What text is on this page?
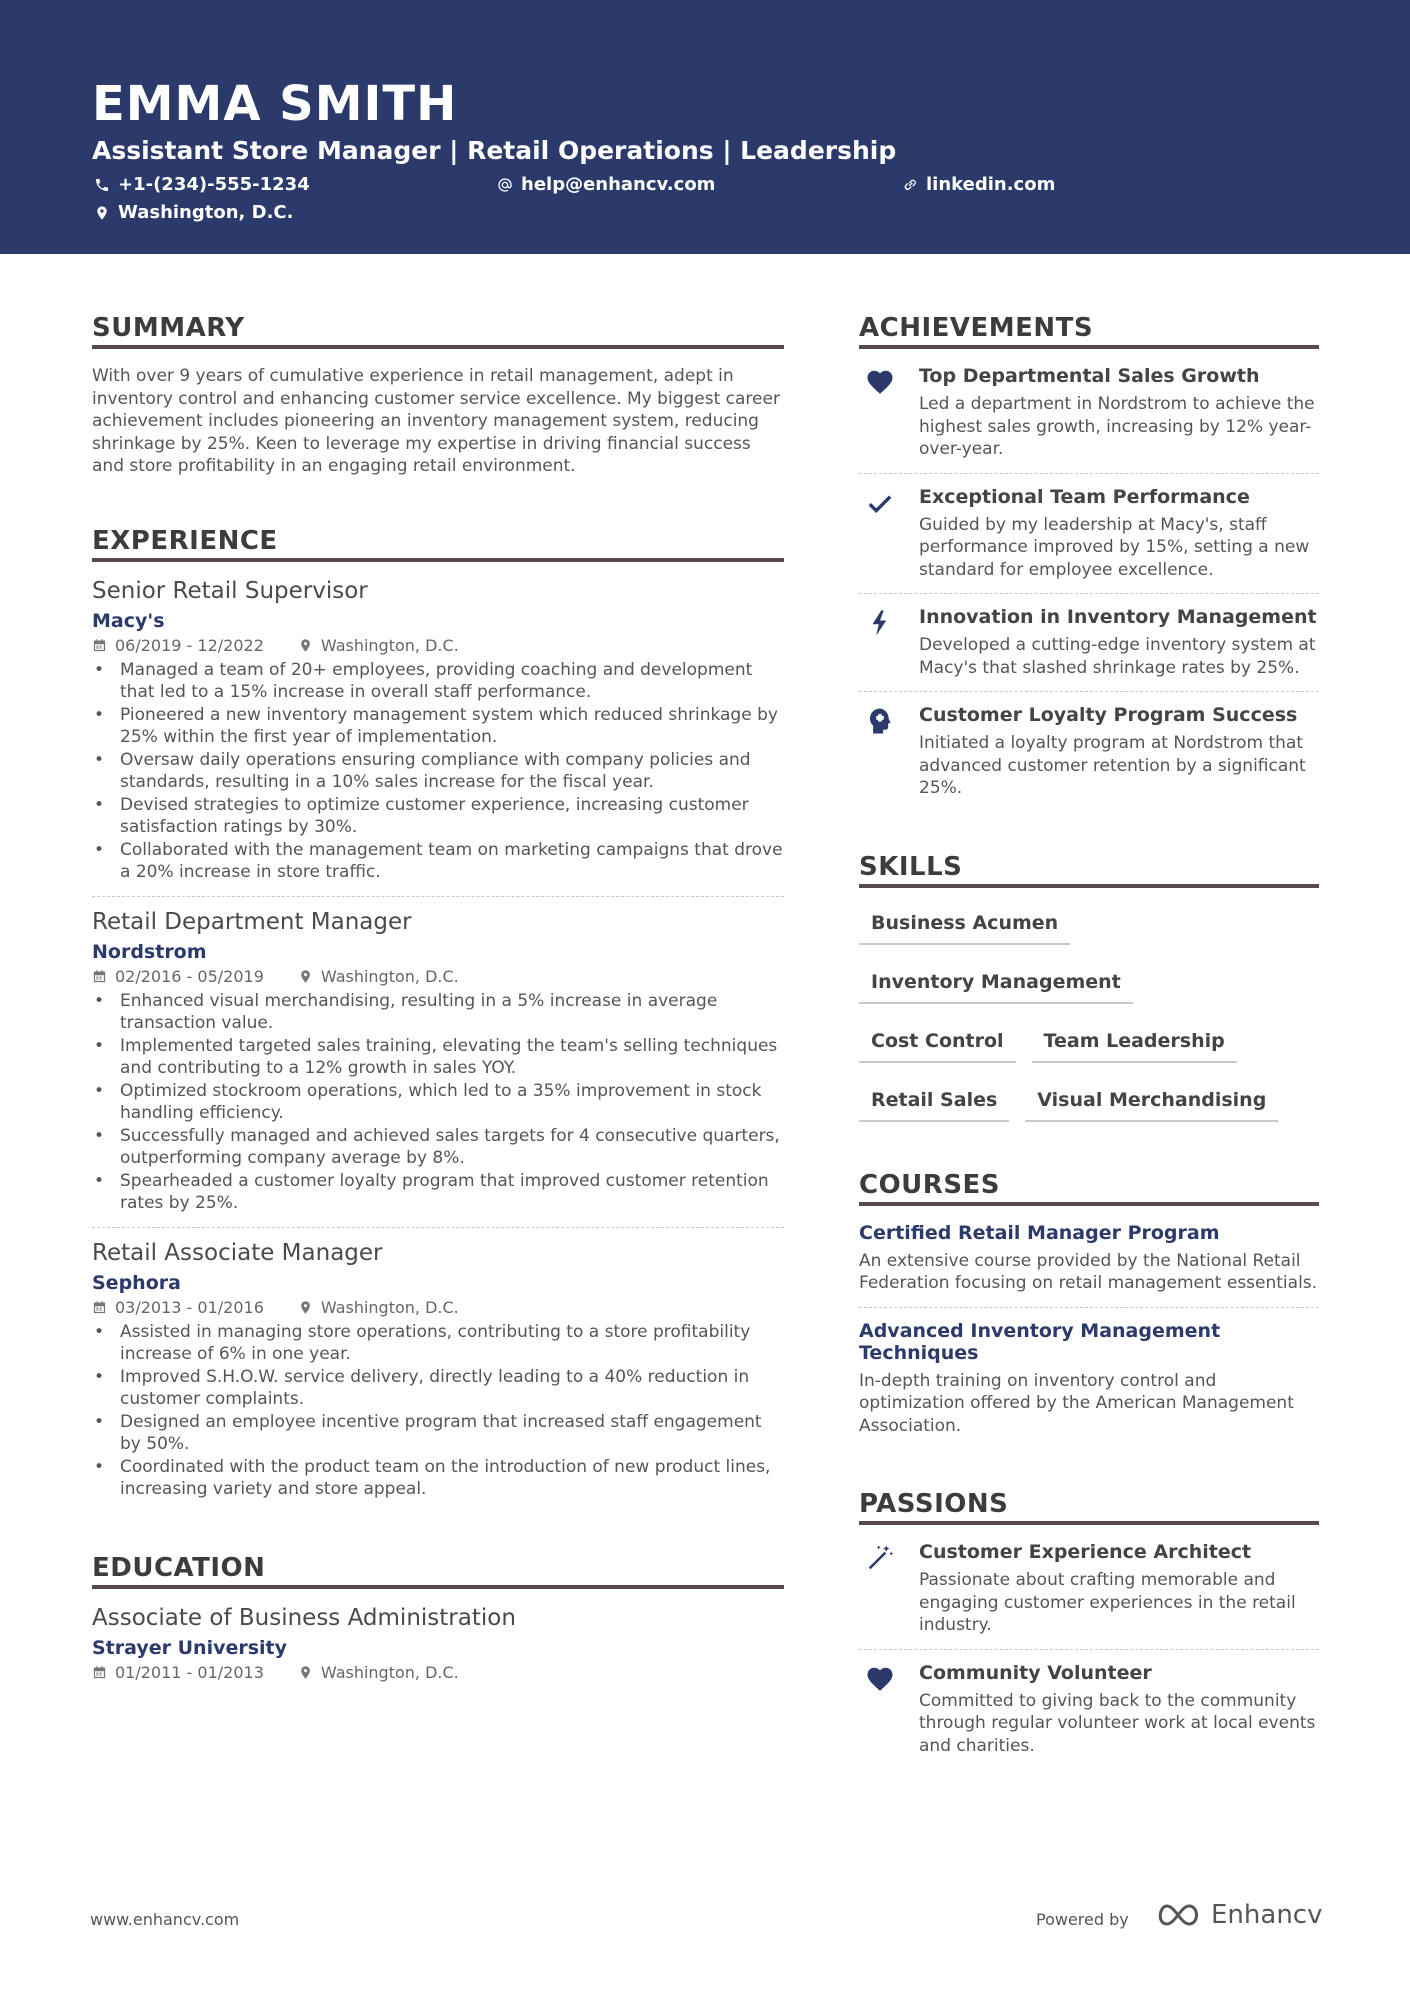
EMMA SMITH
Assistant Store Manager | Retail Operations | Leadership
+1-(234)-555-1234	help@enhancv.com	linkedin.com
Washington, D.C.
SUMMARY
With over 9 years of cumulative experience in retail management, adept in inventory control and enhancing customer service excellence. My biggest career achievement includes pioneering an inventory management system, reducing shrinkage by 25%. Keen to leverage my expertise in driving financial success and store profitability in an engaging retail environment.
EXPERIENCE
Senior Retail Supervisor
Macy's
06/2019 - 12/2022	Washington, D.C.
• Managed a team of 20+ employees, providing coaching and development that led to a 15% increase in overall staff performance.
• Pioneered a new inventory management system which reduced shrinkage by 25% within the first year of implementation.
• Oversaw daily operations ensuring compliance with company policies and standards, resulting in a 10% sales increase for the fiscal year.
• Devised strategies to optimize customer experience, increasing customer satisfaction ratings by 30%.
• Collaborated with the management team on marketing campaigns that drove a 20% increase in store traffic.
Retail Department Manager
Nordstrom
02/2016 - 05/2019	Washington, D.C.
• Enhanced visual merchandising, resulting in a 5% increase in average transaction value.
• Implemented targeted sales training, elevating the team's selling techniques and contributing to a 12% growth in sales YOY.
• Optimized stockroom operations, which led to a 35% improvement in stock handling efficiency.
• Successfully managed and achieved sales targets for 4 consecutive quarters, outperforming company average by 8%.
• Spearheaded a customer loyalty program that improved customer retention rates by 25%.
Retail Associate Manager
Sephora
03/2013 - 01/2016	Washington, D.C.
• Assisted in managing store operations, contributing to a store profitability increase of 6% in one year.
• Improved S.H.O.W. service delivery, directly leading to a 40% reduction in customer complaints.
• Designed an employee incentive program that increased staff engagement by 50%.
• Coordinated with the product team on the introduction of new product lines, increasing variety and store appeal.
EDUCATION
Associate of Business Administration
Strayer University
01/2011 - 01/2013	Washington, D.C.
ACHIEVEMENTS
Top Departmental Sales Growth
Led a department in Nordstrom to achieve the highest sales growth, increasing by 12% year-over-year.
Exceptional Team Performance
Guided by my leadership at Macy's, staff performance improved by 15%, setting a new standard for employee excellence.
Innovation in Inventory Management
Developed a cutting-edge inventory system at Macy's that slashed shrinkage rates by 25%.
Customer Loyalty Program Success
Initiated a loyalty program at Nordstrom that advanced customer retention by a significant 25%.
SKILLS
Business Acumen
Inventory Management
Cost Control	Team Leadership
Retail Sales	Visual Merchandising
COURSES
Certified Retail Manager Program
An extensive course provided by the National Retail Federation focusing on retail management essentials.
Advanced Inventory Management Techniques
In-depth training on inventory control and optimization offered by the American Management Association.
PASSIONS
Customer Experience Architect
Passionate about crafting memorable and engaging customer experiences in the retail industry.
Community Volunteer
Committed to giving back to the community through regular volunteer work at local events and charities.
www.enhancv.com	Powered by	Enhancv
